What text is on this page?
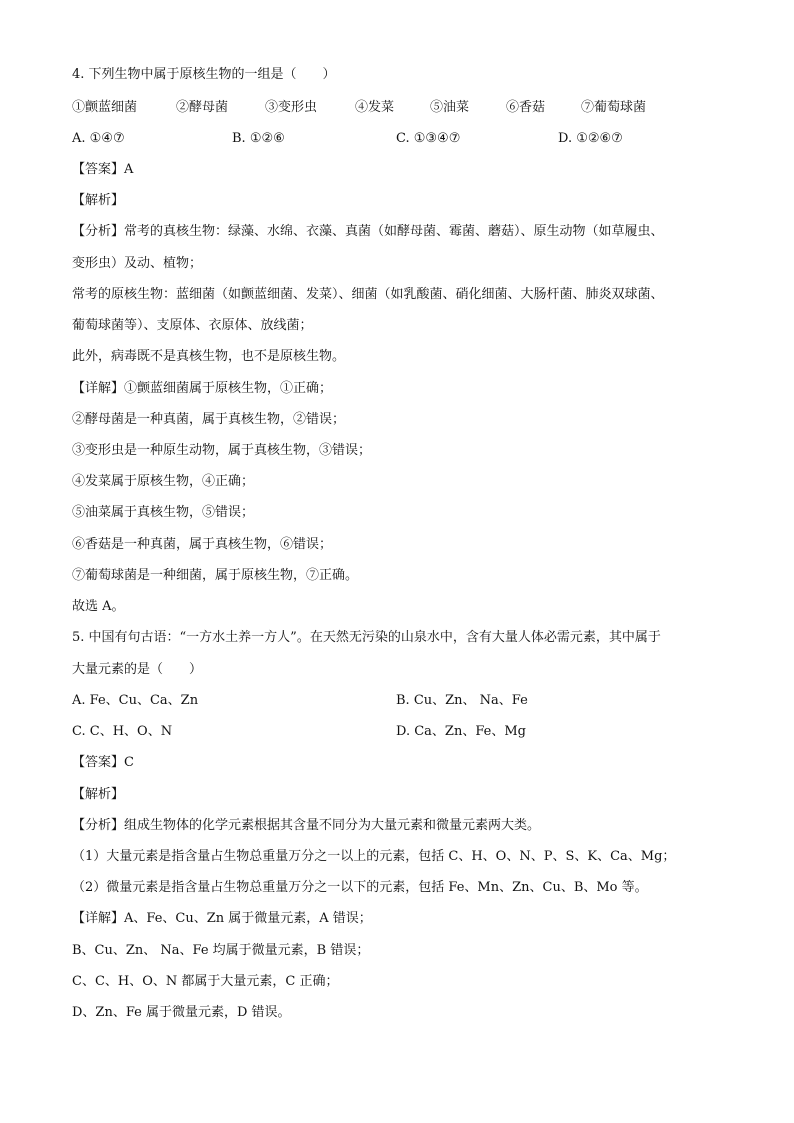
4. 下列生物中属于原核生物的一组是（　　）
①颤蓝细菌	②酵母菌	③变形虫	④发菜	⑤油菜	⑥香菇	⑦葡萄球菌
A. ①④⑦	B. ①②⑥	C. ①③④⑦	D. ①②⑥⑦
【答案】A
【解析】
【分析】常考的真核生物：绿藻、水绵、衣藻、真菌（如酵母菌、霉菌、蘑菇）、原生动物（如草履虫、
变形虫）及动、植物；
常考的原核生物：蓝细菌（如颤蓝细菌、发菜）、细菌（如乳酸菌、硝化细菌、大肠杆菌、肺炎双球菌、
葡萄球菌等）、支原体、衣原体、放线菌；
此外，病毒既不是真核生物，也不是原核生物。
【详解】①颤蓝细菌属于原核生物，①正确；
②酵母菌是一种真菌，属于真核生物，②错误；
③变形虫是一种原生动物，属于真核生物，③错误；
④发菜属于原核生物，④正确；
⑤油菜属于真核生物，⑤错误；
⑥香菇是一种真菌，属于真核生物，⑥错误；
⑦葡萄球菌是一种细菌，属于原核生物，⑦正确。
故选 A。
5. 中国有句古语：“一方水土养一方人”。在天然无污染的山泉水中，含有大量人体必需元素，其中属于
大量元素的是（　　）
A. Fe、Cu、Ca、Zn	B. Cu、Zn、 Na、Fe
C. C、H、O、N	D. Ca、Zn、Fe、Mg
【答案】C
【解析】
【分析】组成生物体的化学元素根据其含量不同分为大量元素和微量元素两大类。
（1）大量元素是指含量占生物总重量万分之一以上的元素，包括 C、H、O、N、P、S、K、Ca、Mg；
（2）微量元素是指含量占生物总重量万分之一以下的元素，包括 Fe、Mn、Zn、Cu、B、Mo 等。
【详解】A、Fe、Cu、Zn 属于微量元素，A 错误；
B、Cu、Zn、 Na、Fe 均属于微量元素，B 错误；
C、C、H、O、N 都属于大量元素，C 正确；
D、Zn、Fe 属于微量元素，D 错误。
